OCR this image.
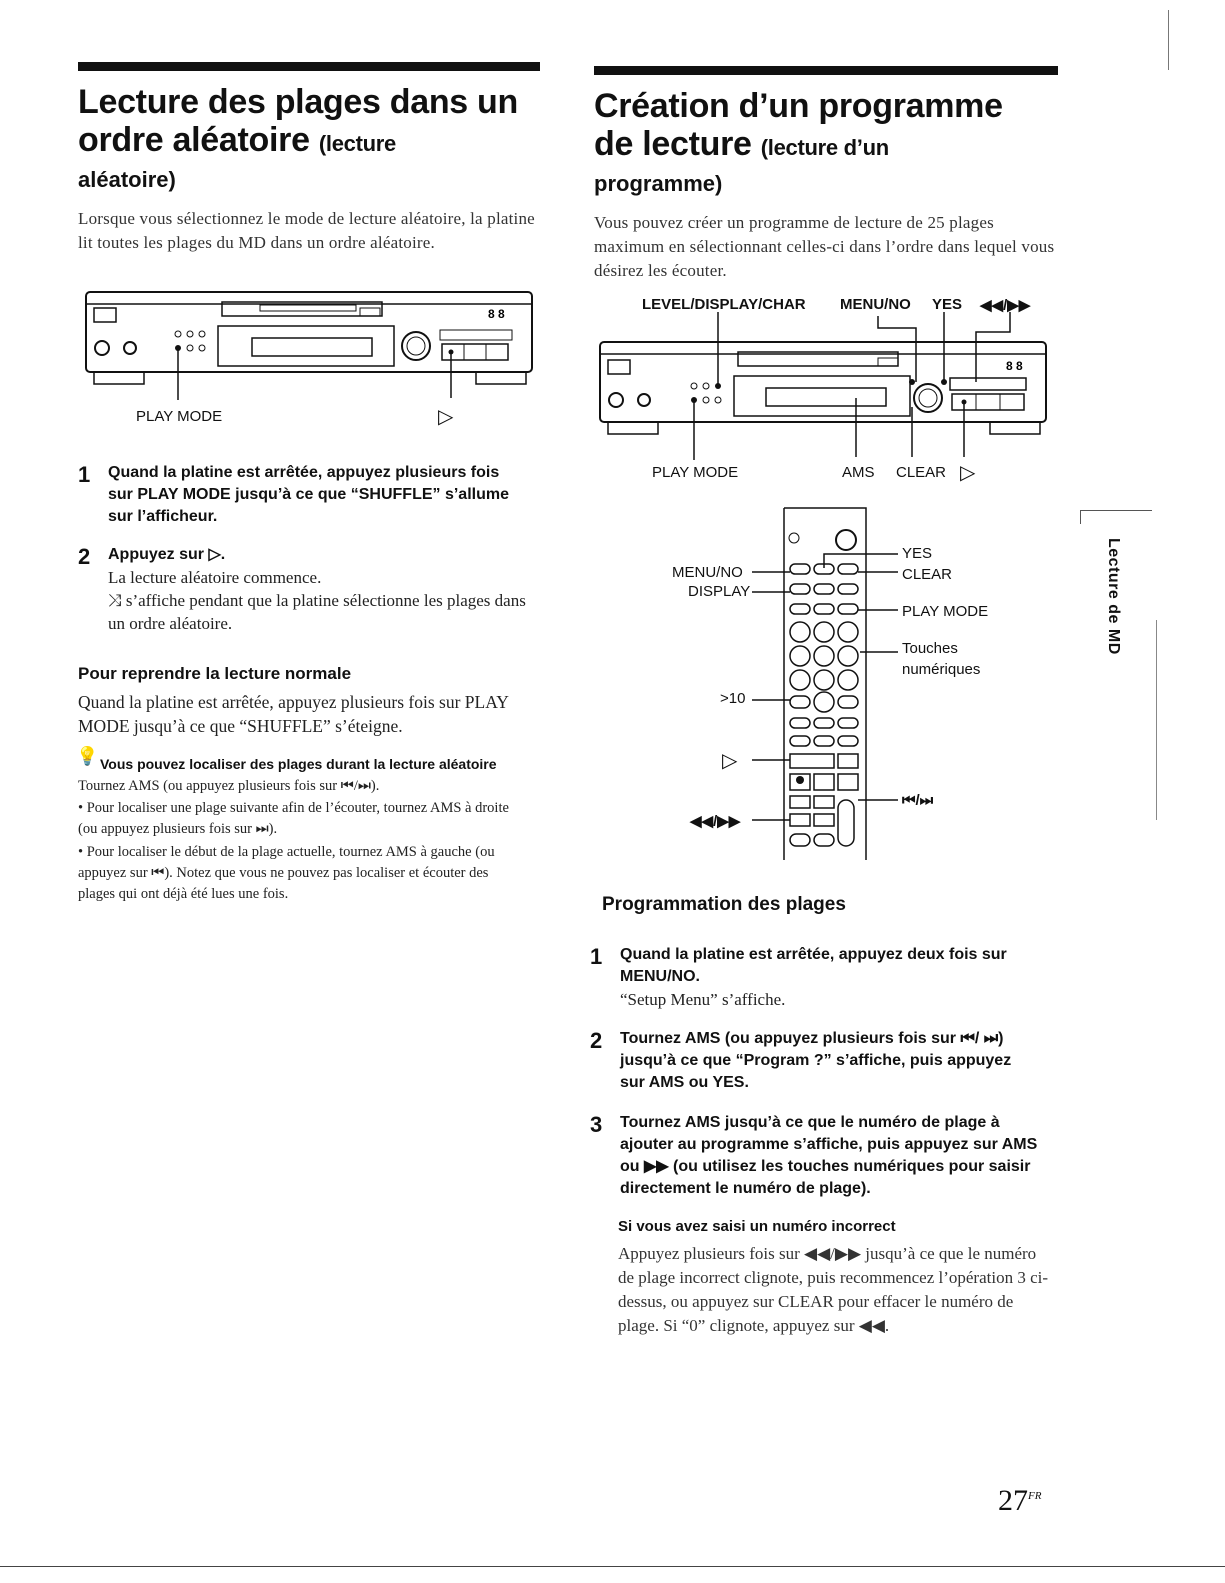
Lecture des plages dans un
ordre aléatoire (lecture
aléatoire)

Lorsque vous sélectionnez le mode de lecture aléatoire, la platine lit toutes les plages du MD dans un ordre aléatoire.

8 8
PLAY MODE	▷
1 Quand la platine est arrêtée, appuyez plusieurs fois sur PLAY MODE jusqu’à ce que “SHUFFLE” s’allume sur l’afficheur.
2 Appuyez sur ▷.
La lecture aléatoire commence.
⤨ s’affiche pendant que la platine sélectionne les plages dans un ordre aléatoire.
Pour reprendre la lecture normale
Quand la platine est arrêtée, appuyez plusieurs fois sur PLAY MODE jusqu’à ce que “SHUFFLE” s’éteigne.
💡 Vous pouvez localiser des plages durant la lecture aléatoire
Tournez AMS (ou appuyez plusieurs fois sur ⏮/⏭).
• Pour localiser une plage suivante afin de l’écouter, tournez AMS à droite (ou appuyez plusieurs fois sur ⏭).
• Pour localiser le début de la plage actuelle, tournez AMS à gauche (ou appuyez sur ⏮). Notez que vous ne pouvez pas localiser et écouter des plages qui ont déjà été lues une fois.
Création d’un programme
de lecture (lecture d’un
programme)

Vous pouvez créer un programme de lecture de 25 plages maximum en sélectionnant celles-ci dans l’ordre dans lequel vous désirez les écouter.

LEVEL/DISPLAY/CHAR MENU/NO YES ◀◀/▶▶
8 8
PLAY MODE	AMS CLEAR ▷
YES
CLEAR
PLAY MODE
Touches
numériques
MENU/NO
DISPLAY
>10
▷
⏮/⏭
◀◀/▶▶
Programmation des plages
1 Quand la platine est arrêtée, appuyez deux fois sur MENU/NO.
“Setup Menu” s’affiche.
2 Tournez AMS (ou appuyez plusieurs fois sur ⏮/ ⏭) jusqu’à ce que “Program ?” s’affiche, puis appuyez sur AMS ou YES.
3 Tournez AMS jusqu’à ce que le numéro de plage à ajouter au programme s’affiche, puis appuyez sur AMS ou ▶▶ (ou utilisez les touches numériques pour saisir directement le numéro de plage).
Si vous avez saisi un numéro incorrect
Appuyez plusieurs fois sur ◀◀/▶▶ jusqu’à ce que le numéro de plage incorrect clignote, puis recommencez l’opération 3 ci-dessus, ou appuyez sur CLEAR pour effacer le numéro de plage. Si “0” clignote, appuyez sur ◀◀.
Lecture de MD
$27^{FR}$
